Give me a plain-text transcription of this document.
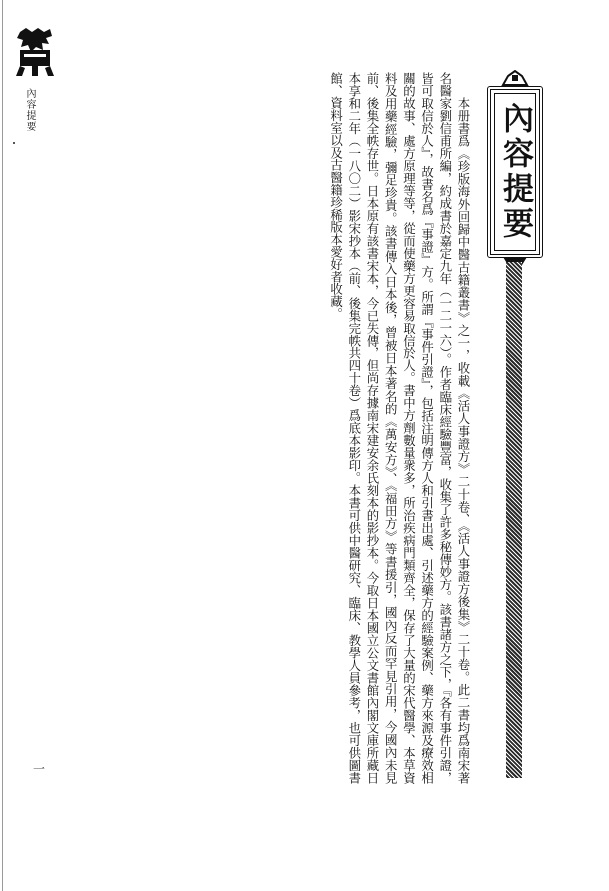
內容提要	內容提要
本册書爲《珍版海外回歸中醫古籍叢書》之一，收載《活人事證方》二十卷、《活人事證方後集》二十卷。此二書均爲南宋著名醫家劉信甫所編，約成書於嘉定九年（一二一六）。作者臨床經驗豐富，收集了許多秘傳妙方。該書諸方之下，『各有事件引證，皆可取信於人』，故書名爲『事證』方。所謂『事件引證』，包括注明傳方人和引書出處、引述藥方的經驗案例、藥方來源及療效相關的故事、處方原理等等，從而使藥方更容易取信於人。書中方劑數量衆多，所治疾病門類齊全，保存了大量的宋代醫學、本草資料及用藥經驗，彌足珍貴。該書傳入日本後，曾被日本著名的《萬安方》、《福田方》等書援引，國內反而罕見引用，今國內未見前、後集全帙存世。日本原有該書宋本，今已失傳，但尚存據南宋建安余氏刻本的影抄本。今取日本國立公文書館內閣文庫所藏日本享和二年（一八〇二）影宋抄本（前、後集完帙共四十卷）爲底本影印。本書可供中醫研究、臨床、教學人員參考，也可供圖書館、資料室以及古醫籍珍稀版本愛好者收藏。
一
